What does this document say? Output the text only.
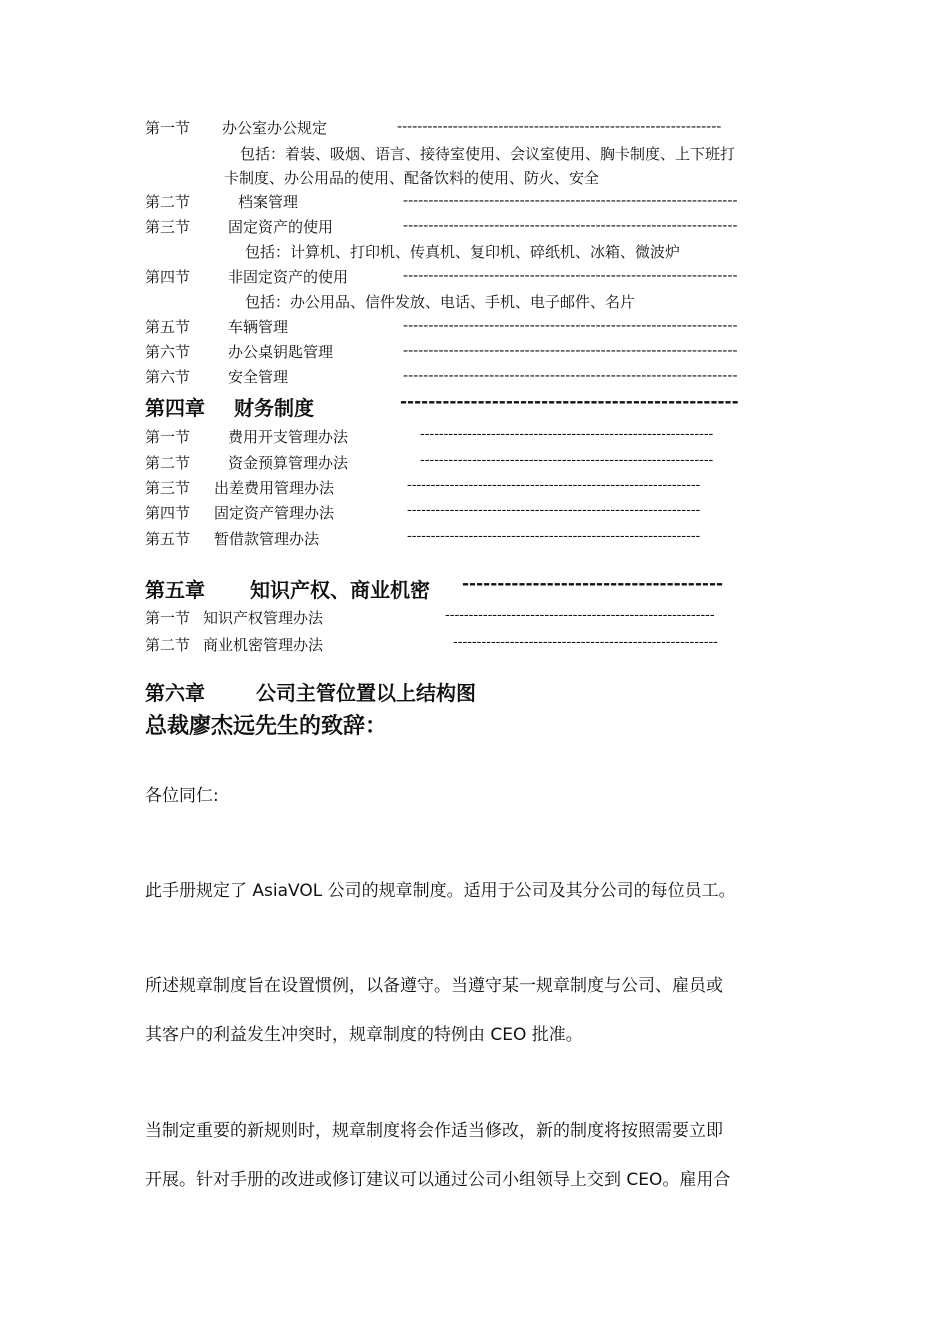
第一节 办公室办公规定	----------------------------------------------------------------
包括：着装、吸烟、语言、接待室使用、会议室使用、胸卡制度、上下班打
卡制度、办公用品的使用、配备饮料的使用、防火、安全
第二节	档案管理	------------------------------------------------------------------
第三节	固定资产的使用	------------------------------------------------------------------
包括：计算机、打印机、传真机、复印机、碎纸机、冰箱、微波炉
第四节	非固定资产的使用	------------------------------------------------------------------
包括：办公用品、信件发放、电话、手机、电子邮件、名片
第五节	车辆管理	------------------------------------------------------------------
第六节	办公桌钥匙管理	------------------------------------------------------------------
第六节	安全管理	------------------------------------------------------------------
第四章 财务制度	------------------------------------------------
第一节	费用开支管理办法	--------------------------------------------------------------
第二节	资金预算管理办法	--------------------------------------------------------------
第三节 出差费用管理办法	--------------------------------------------------------------
第四节 固定资产管理办法	--------------------------------------------------------------
第五节 暂借款管理办法	--------------------------------------------------------------
第五章 知识产权、商业机密 -------------------------------------
第一节 知识产权管理办法	---------------------------------------------------------
第二节 商业机密管理办法	--------------------------------------------------------
第六章	公司主管位置以上结构图
总裁廖杰远先生的致辞：
各位同仁:
此手册规定了 AsiaVOL 公司的规章制度。适用于公司及其分公司的每位员工。
所述规章制度旨在设置惯例，以备遵守。当遵守某一规章制度与公司、雇员或
其客户的利益发生冲突时，规章制度的特例由 CEO 批准。
当制定重要的新规则时，规章制度将会作适当修改，新的制度将按照需要立即
开展。针对手册的改进或修订建议可以通过公司小组领导上交到 CEO。雇用合
